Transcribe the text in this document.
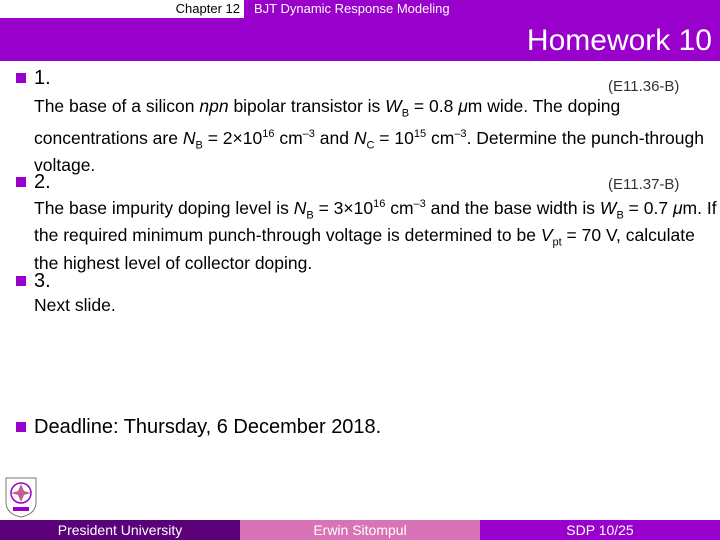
Chapter 12 BJT Dynamic Response Modeling
Homework 10
1.	(E11.36-B)
The base of a silicon npn bipolar transistor is $W_B = 0.8$ μm wide. The doping concentrations are $N_B = 2\times 10^{16}$ $cm^{-3}$ and $N_C = 10^{15}$ $cm^{-3}$. Determine the punch-through voltage.
2.	(E11.37-B)
The base impurity doping level is $N_B = 3\times 10^{16}$ $cm^{-3}$ and the base width is $W_B = 0.7$ μm. If the required minimum punch-through voltage is determined to be $V_{pt} = 70$ V, calculate the highest level of collector doping.
3.
Next slide.
Deadline: Thursday, 6 December 2018.
President University	Erwin Sitompul	SDP 10/25
